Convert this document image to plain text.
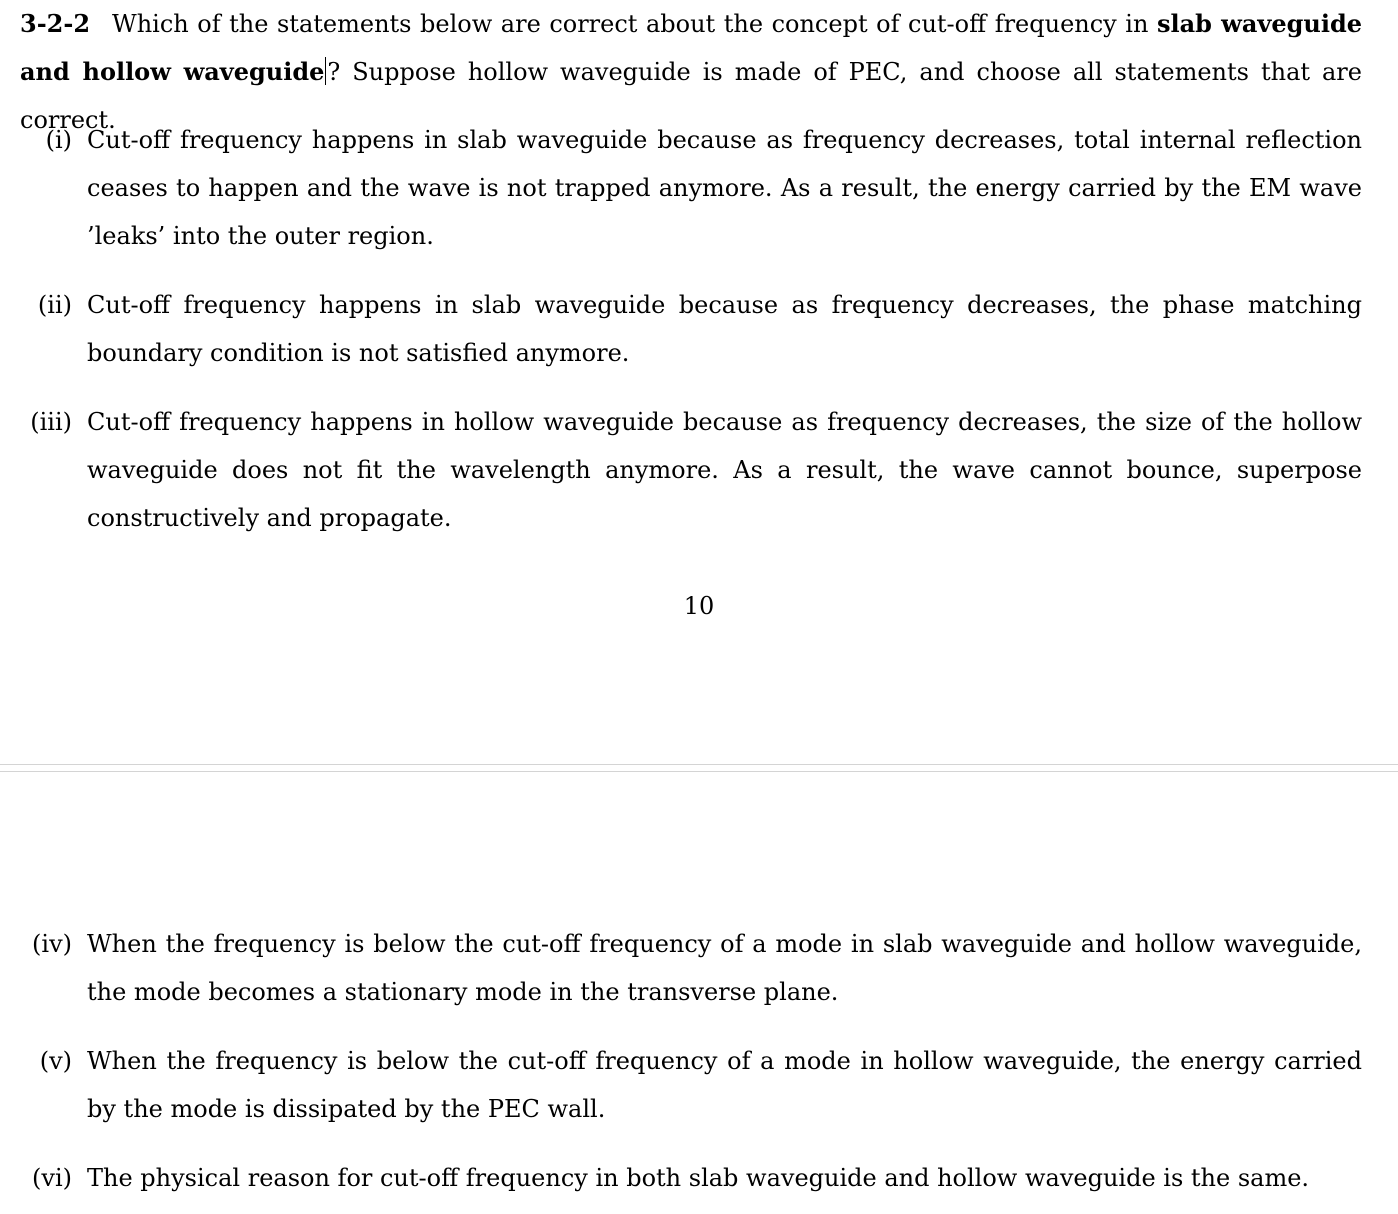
3-2-2 Which of the statements below are correct about the concept of cut-off frequency in slab waveguide and hollow waveguide ? Suppose hollow waveguide is made of PEC, and choose all statements that are correct.
(i) Cut-off frequency happens in slab waveguide because as frequency decreases, total internal reflection ceases to happen and the wave is not trapped anymore. As a result, the energy carried by the EM wave ’leaks’ into the outer region.
(ii) Cut-off frequency happens in slab waveguide because as frequency decreases, the phase matching boundary condition is not satisfied anymore.
(iii) Cut-off frequency happens in hollow waveguide because as frequency decreases, the size of the hollow waveguide does not fit the wavelength anymore. As a result, the wave cannot bounce, superpose constructively and propagate.
10
(iv) When the frequency is below the cut-off frequency of a mode in slab waveguide and hollow waveguide, the mode becomes a stationary mode in the transverse plane.
(v) When the frequency is below the cut-off frequency of a mode in hollow waveguide, the energy carried by the mode is dissipated by the PEC wall.
(vi) The physical reason for cut-off frequency in both slab waveguide and hollow waveguide is the same.
